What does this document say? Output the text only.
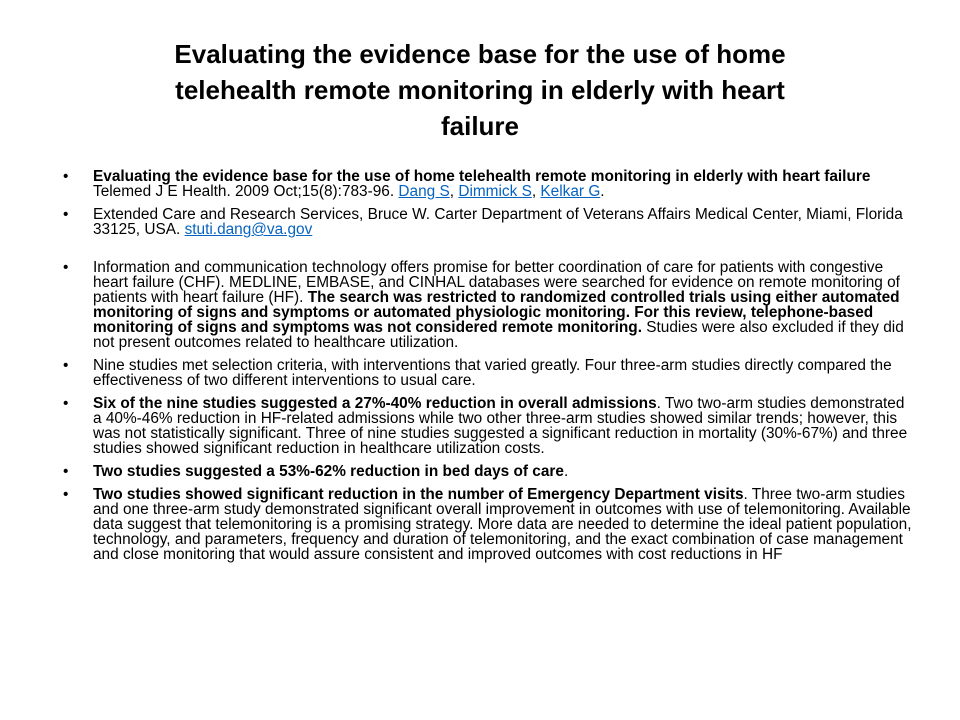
Evaluating the evidence base for the use of home
telehealth remote monitoring in elderly with heart
failure
•	Evaluating the evidence base for the use of home telehealth remote monitoring in elderly with heart failure Telemed J E Health. 2009 Oct;15(8):783-96. Dang S, Dimmick S, Kelkar G.
•	Extended Care and Research Services, Bruce W. Carter Department of Veterans Affairs Medical Center, Miami, Florida 33125, USA. stuti.dang@va.gov
•	Information and communication technology offers promise for better coordination of care for patients with congestive heart failure (CHF). MEDLINE, EMBASE, and CINHAL databases were searched for evidence on remote monitoring of patients with heart failure (HF). The search was restricted to randomized controlled trials using either automated monitoring of signs and symptoms or automated physiologic monitoring. For this review, telephone-based monitoring of signs and symptoms was not considered remote monitoring. Studies were also excluded if they did not present outcomes related to healthcare utilization.
•	Nine studies met selection criteria, with interventions that varied greatly. Four three-arm studies directly compared the effectiveness of two different interventions to usual care.
•	Six of the nine studies suggested a 27%-40% reduction in overall admissions. Two two-arm studies demonstrated a 40%-46% reduction in HF-related admissions while two other three-arm studies showed similar trends; however, this was not statistically significant. Three of nine studies suggested a significant reduction in mortality (30%-67%) and three studies showed significant reduction in healthcare utilization costs.
•	Two studies suggested a 53%-62% reduction in bed days of care.
•	Two studies showed significant reduction in the number of Emergency Department visits. Three two-arm studies and one three-arm study demonstrated significant overall improvement in outcomes with use of telemonitoring. Available data suggest that telemonitoring is a promising strategy. More data are needed to determine the ideal patient population, technology, and parameters, frequency and duration of telemonitoring, and the exact combination of case management and close monitoring that would assure consistent and improved outcomes with cost reductions in HF
